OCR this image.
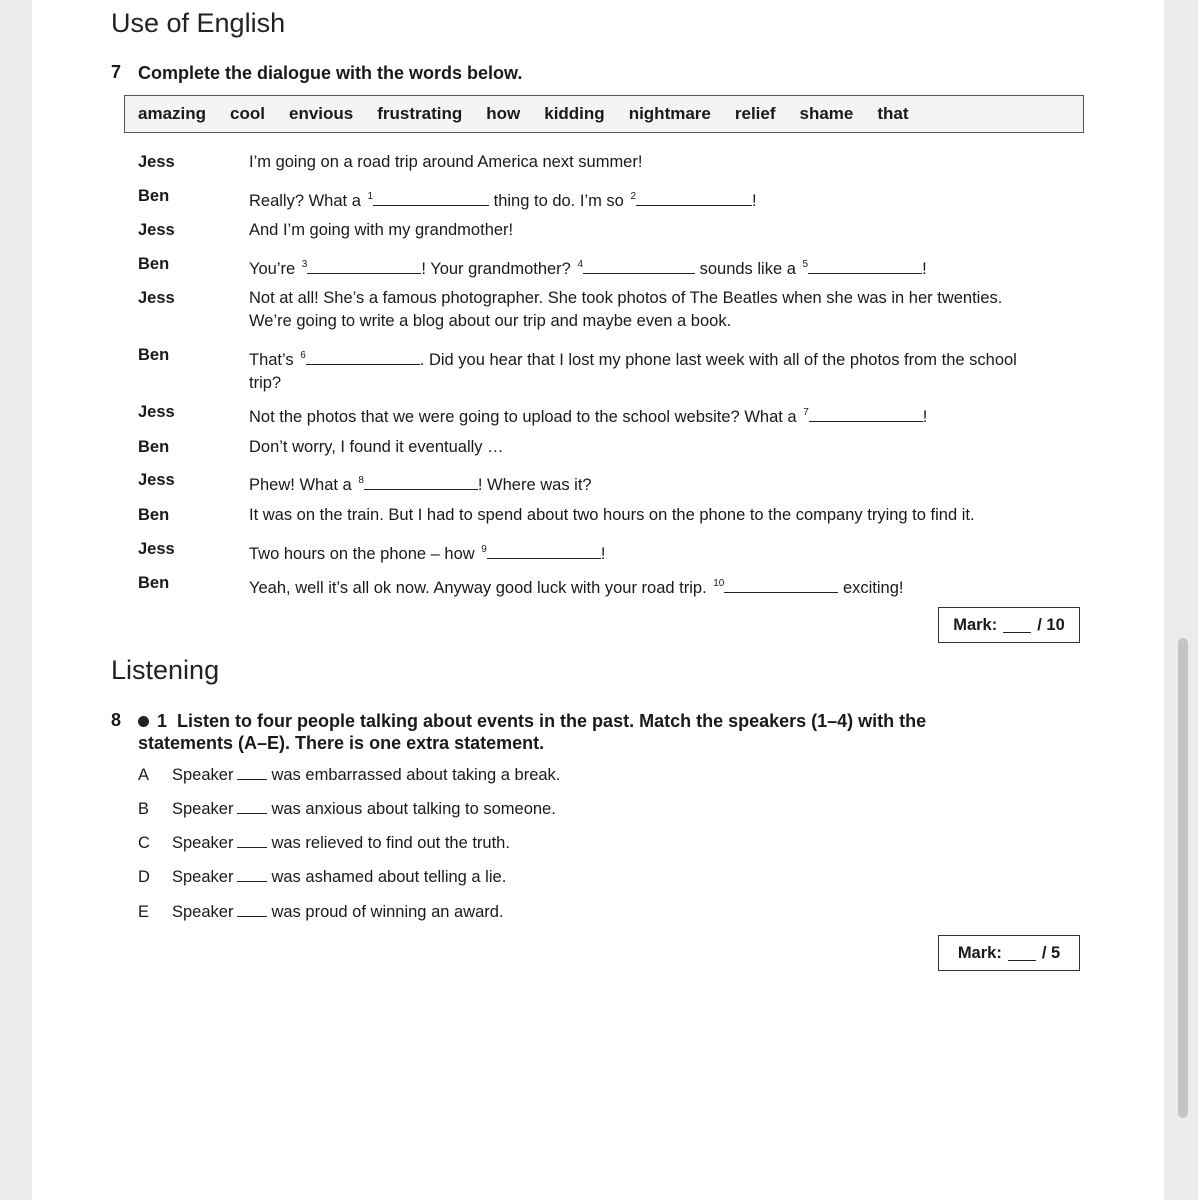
Use of English
7 Complete the dialogue with the words below.
amazing cool envious frustrating how kidding nightmare relief shame that
Jess	I’m going on a road trip around America next summer!
Ben	Really? What a $^1$	thing to do. I’m so $^2$	!
Jess	And I’m going with my grandmother!
Ben	You’re $^3$	! Your grandmother? $^4$	sounds like a $^5$	!
Jess	Not at all! She’s a famous photographer. She took photos of The Beatles when she was in her twenties.
We’re going to write a blog about our trip and maybe even a book.
Ben	That’s $^6$	. Did you hear that I lost my phone last week with all of the photos from the school
trip?
Jess	Not the photos that we were going to upload to the school website? What a $^7$	!
Ben	Don’t worry, I found it eventually …
Jess	Phew! What a $^8$	! Where was it?
Ben	It was on the train. But I had to spend about two hours on the phone to the company trying to find it.
Jess	Two hours on the phone – how $^9$	!
Ben	Yeah, well it’s all ok now. Anyway good luck with your road trip. $^{10}$	exciting!
Mark: / 10
Listening
8	1 Listen to four people talking about events in the past. Match the speakers (1–4) with the
statements (A–E). There is one extra statement.
A Speaker was embarrassed about taking a break.
B Speaker was anxious about talking to someone.
C Speaker was relieved to find out the truth.
D Speaker was ashamed about telling a lie.
E Speaker was proud of winning an award.
Mark: / 5
